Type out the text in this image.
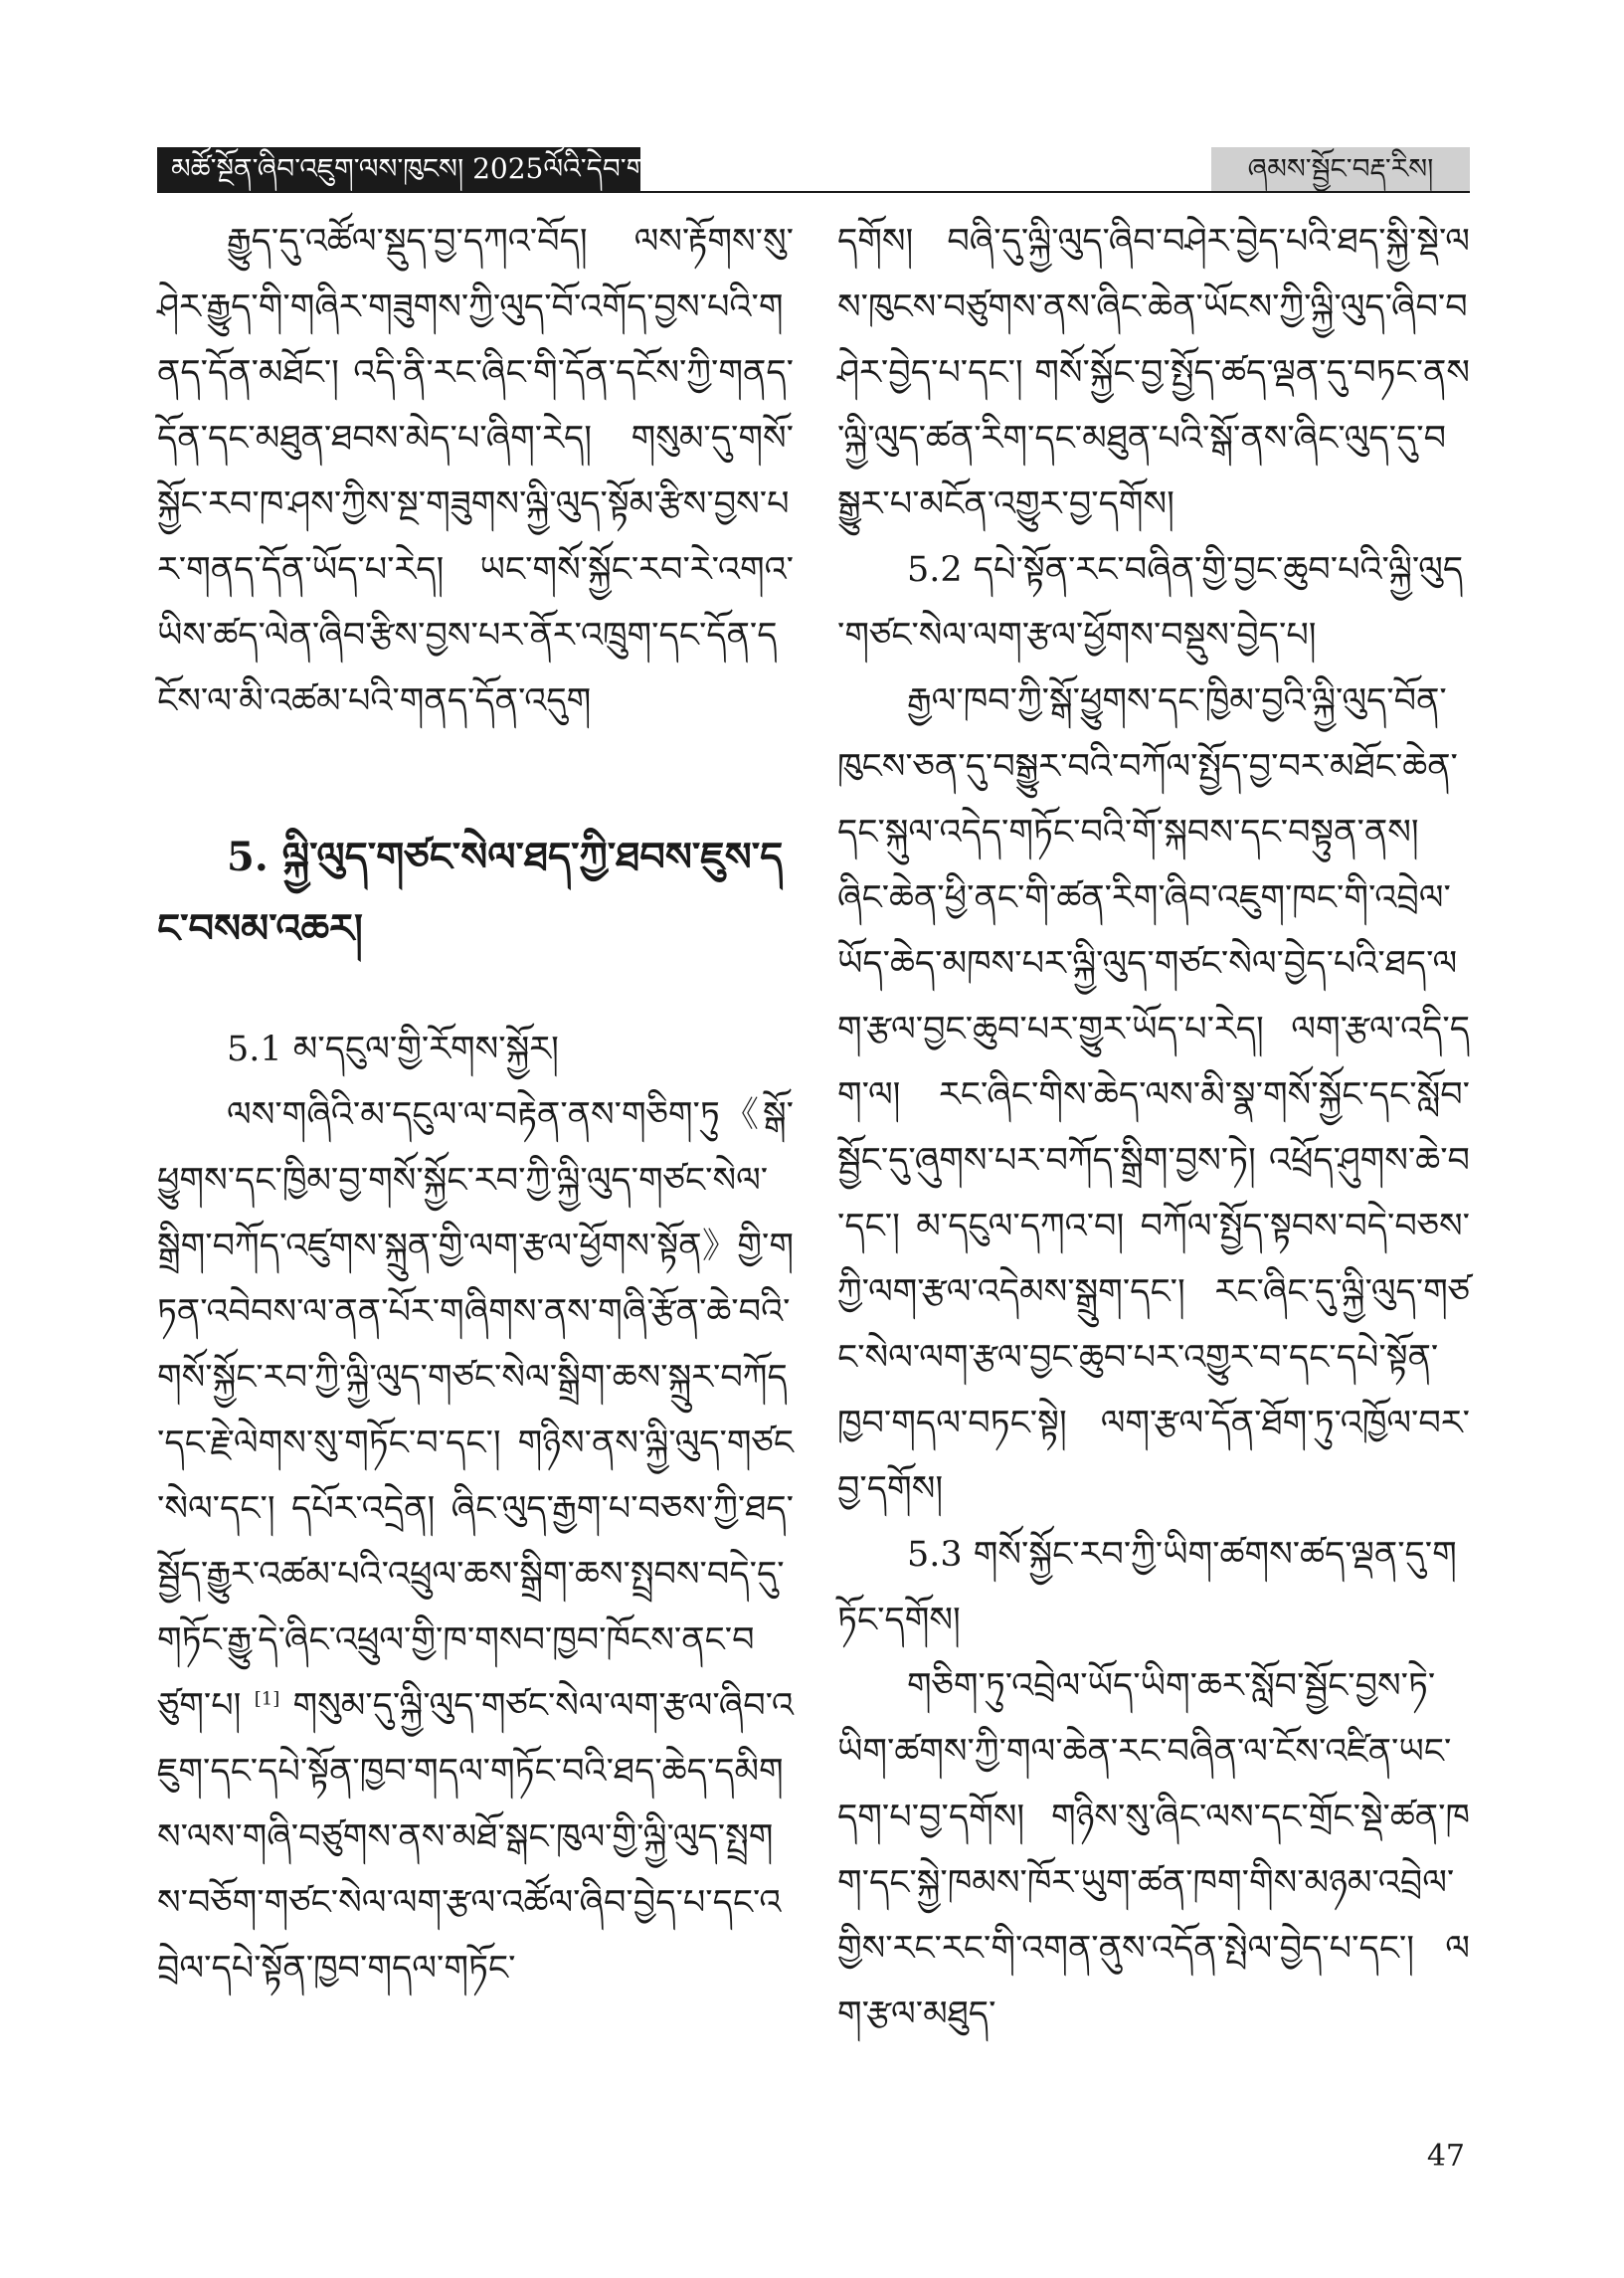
མཚོ་སྔོན་ཞིབ་འཇུག་ལས་ཁུངས། 2025ལོའི་དེབ་གསུམ་པ།	ཞམས་སྦྱོང་བརྡ་རིས།

རྒྱུད་དུ་འཚོལ་སྡུད་བྱ་དཀའ་བོད། ལས་རྟོགས་སུ་ཤེར་རྒྱུད་གི་གཞིར་གཟུགས་ཀྱི་ལུད་བོ་འགོད་བྱས་པའི་གནད་དོན་མཐོང་། འདི་ནི་རང་ཞིང་གི་དོན་དངོས་ཀྱི་གནད་དོན་དང་མཐུན་ཐབས་མེད་པ་ཞིག་རེད། གསུམ་དུ་གསོ་སྐྱོང་རབ་ཁ་ཤས་ཀྱིས་སྔ་གཟུགས་ལྐྱི་ལུད་སྟོམ་རྩིས་བྱས་པར་གནད་དོན་ཡོད་པ་རེད། ཡང་གསོ་སྐྱོང་རབ་རེ་འགའ་ཡིས་ཚད་ལེན་ཞིབ་རྩིས་བྱས་པར་ནོར་འཁྲུག་དང་དོན་དངོས་ལ་མི་འཚམ་པའི་གནད་དོན་འདུག

5. ལྐྱི་ལུད་གཙང་སེལ་ཐད་ཀྱི་ཐབས་ཇུས་དང་བསམ་འཆར།

5.1 མ་དངུལ་གྱི་རོགས་སྐྱོར།

ལས་གཞིའི་མ་དངུལ་ལ་བརྟེན་ནས་གཅིག་ཏུ《སྒོ་ཕྱུགས་དང་ཁྱིམ་བྱ་གསོ་སྐྱོང་རབ་ཀྱི་ལྐྱི་ལུད་གཙང་སེལ་སྒྲིག་བཀོད་འཛུགས་སྐྲུན་གྱི་ལག་རྩལ་ཕྱོགས་སྟོན》གྱི་གཏན་འབེབས་ལ་ནན་པོར་གཞིགས་ནས་གཞི་རྩོན་ཆེ་བའི་གསོ་སྐྱོང་རབ་ཀྱི་ལྐྱི་ལུད་གཙང་སེལ་སྒྲིག་ཆས་སྐྲུར་བཀོད་དང་རྗེ་ལེགས་སུ་གཏོང་བ་དང་། གཉིས་ནས་ལྐྱི་ལུད་གཙང་སེལ་དང་། དཔོར་འདྲེན། ཞིང་ལུད་རྒྱག་པ་བཅས་ཀྱི་ཐད་སྦྱོད་རྒྱུར་འཚམ་པའི་འཕྲུལ་ཆས་སྒྲིག་ཆས་སྤྲབས་བདེ་དུ་གཏོང་རྒྱུ་དེ་ཞིང་འཕྲུལ་གྱི་ཁ་གསབ་ཁྱབ་ཁོངས་ནང་བཙུག་པ། [1] གསུམ་དུ་ལྐྱི་ལུད་གཙང་སེལ་ལག་རྩལ་ཞིབ་འཇུག་དང་དཔེ་སྟོན་ཁྱབ་གདལ་གཏོང་བའི་ཐད་ཆེད་དམིགས་ལས་གཞི་བཙུགས་ནས་མཐོ་སྒང་ཁུལ་གྱི་ལྐྱི་ལུད་སྤྲགས་བཅོག་གཙང་སེལ་ལག་རྩལ་འཚོལ་ཞིབ་བྱེད་པ་དང་འབྲེལ་དཔེ་སྟོན་ཁྱབ་གདལ་གཏོང་

དགོས། བཞི་དུ་ལྐྱི་ལུད་ཞིབ་བཤེར་བྱེད་པའི་ཐད་སྐྱི་སྡེ་ལས་ཁུངས་བཙུགས་ནས་ཞིང་ཆེན་ཡོངས་ཀྱི་ལྐྱི་ལུད་ཞིབ་བཤེར་བྱེད་པ་དང་། གསོ་སྐྱོང་བྱ་སྤྱོད་ཚད་ལྡན་དུ་བཏང་ནས་ལྐྱི་ལུད་ཚན་རིག་དང་མཐུན་པའི་སྒོ་ནས་ཞིང་ལུད་དུ་བསྒྱུར་པ་མངོན་འགྱུར་བྱ་དགོས།

5.2 དཔེ་སྟོན་རང་བཞིན་གྱི་བྱང་ཆུབ་པའི་ལྐྱི་ལུད་གཙང་སེལ་ལག་རྩལ་ཕྱོགས་བསྡུས་བྱེད་པ།

རྒྱལ་ཁབ་ཀྱི་སྒོ་ཕྱུགས་དང་ཁྱིམ་བྱའི་ལྐྱི་ལུད་བོན་ཁུངས་ཅན་དུ་བསྒྱུར་བའི་བཀོལ་སྤྱོད་བྱ་བར་མཐོང་ཆེན་དང་སྐུལ་འདེད་གཏོང་བའི་གོ་སྐབས་དང་བསྟུན་ནས། ཞིང་ཆེན་ཕྱི་ནང་གི་ཚན་རིག་ཞིབ་འཇུག་ཁང་གི་འབྲེལ་ཡོད་ཆེད་མཁས་པར་ལྐྱི་ལུད་གཙང་སེལ་བྱེད་པའི་ཐད་ལག་རྩལ་བྱང་ཆུབ་པར་གྱུར་ཡོད་པ་རེད། ལག་རྩལ་འདི་དག་ལ། རང་ཞིང་གིས་ཆེད་ལས་མི་སྣ་གསོ་སྐྱོང་དང་སློབ་སྦྱོང་དུ་ཞུགས་པར་བཀོད་སྒྲིག་བྱས་ཏེ། འཕྲོད་ཤུགས་ཆེ་བ་དང་། མ་དངུལ་དཀའ་བ། བཀོལ་སྤྱོད་སྟབས་བདེ་བཅས་ཀྱི་ལག་རྩལ་འདེམས་སྒྲུག་དང་། རང་ཞིང་དུ་ལྐྱི་ལུད་གཙང་སེལ་ལག་རྩལ་བྱང་ཆུབ་པར་འགྱུར་བ་དང་དཔེ་སྟོན་ཁྱབ་གདལ་བཏང་སྟེ། ལག་རྩལ་དོན་ཐོག་ཏུ་འཁྱོལ་བར་བྱ་དགོས།

5.3 གསོ་སྐྱོང་རབ་ཀྱི་ཡིག་ཚགས་ཚད་ལྡན་དུ་གཏོང་དགོས།

གཅིག་ཏུ་འབྲེལ་ཡོད་ཡིག་ཆར་སློབ་སྦྱོང་བྱས་ཏེ་ཡིག་ཚགས་ཀྱི་གལ་ཆེན་རང་བཞིན་ལ་ངོས་འཛིན་ཡང་དག་པ་བྱ་དགོས། གཉིས་སུ་ཞིང་ལས་དང་གྲོང་སྡེ་ཚན་ཁག་དང་སྐྱེ་ཁམས་ཁོར་ཡུག་ཚན་ཁག་གིས་མཉམ་འབྲེལ་གྱིས་རང་རང་གི་འགན་ནུས་འདོན་སྤེལ་བྱེད་པ་དང་། ལག་རྩལ་མཐུད་

47
